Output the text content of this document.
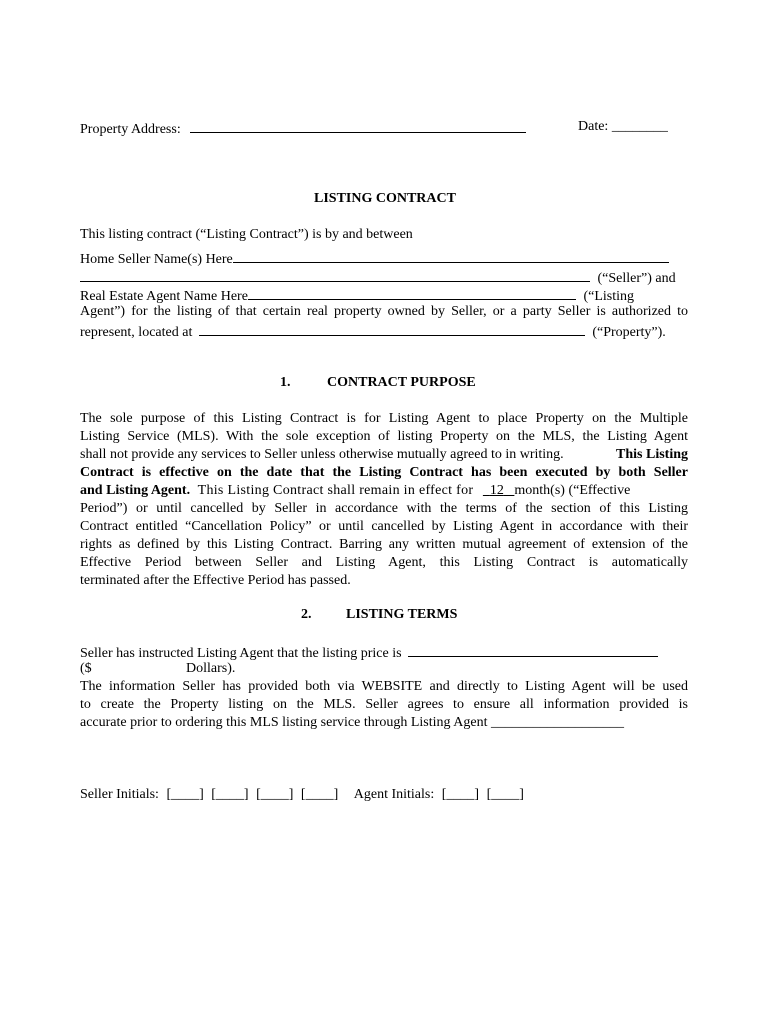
Property Address:	Date: ________
LISTING CONTRACT
This listing contract (“Listing Contract”) is by and between
Home Seller Name(s) Here
(“Seller”) and
Real Estate Agent Name Here	(“Listing
Agent”) for the listing of that certain real property owned by Seller, or a party Seller is authorized to
represent, located at	(“Property”).
1.	CONTRACT PURPOSE
The sole purpose of this Listing Contract is for Listing Agent to place Property on the Multiple
Listing Service (MLS). With the sole exception of listing Property on the MLS, the Listing Agent
shall not provide any services to Seller unless otherwise mutually agreed to in writing.	This Listing
Contract is effective on the date that the Listing Contract has been executed by both Seller
and Listing Agent. This Listing Contract shall remain in effect for 12 month(s) (“Effective
Period”) or until cancelled by Seller in accordance with the terms of the section of this Listing
Contract entitled “Cancellation Policy” or until cancelled by Listing Agent in accordance with their
rights as defined by this Listing Contract. Barring any written mutual agreement of extension of the
Effective Period between Seller and Listing Agent, this Listing Contract is automatically
terminated after the Effective Period has passed.
2. LISTING TERMS
Seller has instructed Listing Agent that the listing price is
($	Dollars).
The information Seller has provided both via WEBSITE and directly to Listing Agent will be used
to create the Property listing on the MLS. Seller agrees to ensure all information provided is
accurate prior to ordering this MLS listing service through Listing Agent ___________________
Seller Initials: [____] [____] [____] [____] Agent Initials: [____] [____]
